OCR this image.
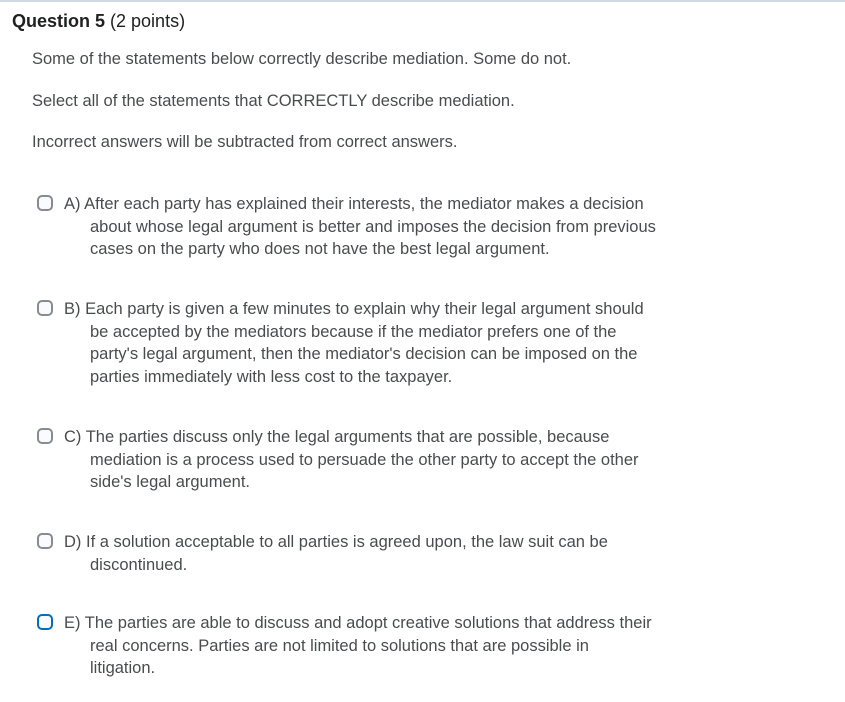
Question 5 (2 points)
Some of the statements below correctly describe mediation. Some do not.
Select all of the statements that CORRECTLY describe mediation.
Incorrect answers will be subtracted from correct answers.
A) After each party has explained their interests, the mediator makes a decision
about whose legal argument is better and imposes the decision from previous
cases on the party who does not have the best legal argument.
B) Each party is given a few minutes to explain why their legal argument should
be accepted by the mediators because if the mediator prefers one of the
party's legal argument, then the mediator's decision can be imposed on the
parties immediately with less cost to the taxpayer.
C) The parties discuss only the legal arguments that are possible, because
mediation is a process used to persuade the other party to accept the other
side's legal argument.
D) If a solution acceptable to all parties is agreed upon, the law suit can be
discontinued.
E) The parties are able to discuss and adopt creative solutions that address their
real concerns. Parties are not limited to solutions that are possible in
litigation.
